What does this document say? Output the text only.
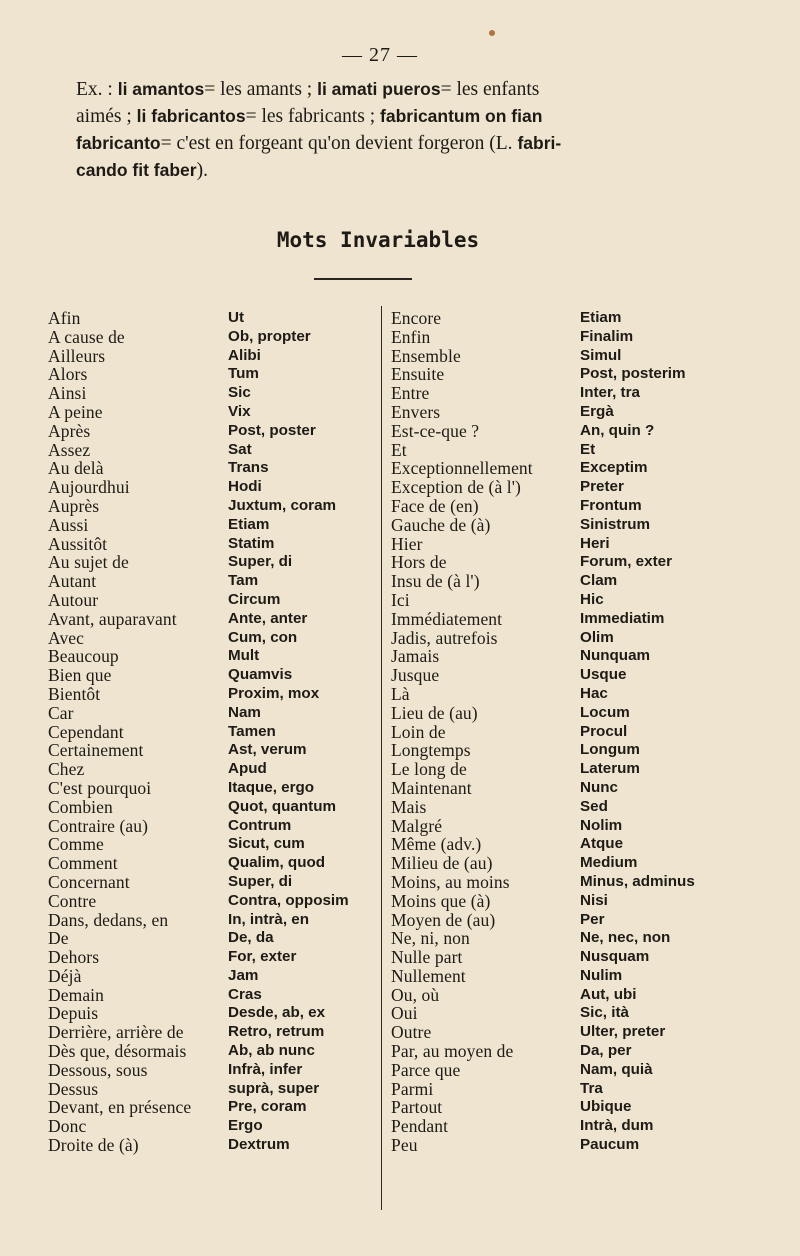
— 27 —
Ex. : li amantos= les amants ; li amati pueros= les enfants
aimés ; li fabricantos= les fabricants ; fabricantum on fian
fabricanto= c'est en forgeant qu'on devient forgeron (L. fabri-
cando fit faber).
Mots Invariables
Afin
A cause de
Ailleurs
Alors
Ainsi
A peine
Après
Assez
Au delà
Aujourdhui
Auprès
Aussi
Aussitôt
Au sujet de
Autant
Autour
Avant, auparavant
Avec
Beaucoup
Bien que
Bientôt
Car
Cependant
Certainement
Chez
C'est pourquoi
Combien
Contraire (au)
Comme
Comment
Concernant
Contre
Dans, dedans, en
De
Dehors
Déjà
Demain
Depuis
Derrière, arrière de
Dès que, désormais
Dessous, sous
Dessus
Devant, en présence
Donc
Droite de (à)
Ut
Ob, propter
Alibi
Tum
Sic
Vix
Post, poster
Sat
Trans
Hodi
Juxtum, coram
Etiam
Statim
Super, di
Tam
Circum
Ante, anter
Cum, con
Mult
Quamvis
Proxim, mox
Nam
Tamen
Ast, verum
Apud
Itaque, ergo
Quot, quantum
Contrum
Sicut, cum
Qualim, quod
Super, di
Contra, opposim
In, intrà, en
De, da
For, exter
Jam
Cras
Desde, ab, ex
Retro, retrum
Ab, ab nunc
Infrà, infer
suprà, super
Pre, coram
Ergo
Dextrum
Encore
Enfin
Ensemble
Ensuite
Entre
Envers
Est-ce-que ?
Et
Exceptionnellement
Exception de (à l')
Face de (en)
Gauche de (à)
Hier
Hors de
Insu de (à l')
Ici
Immédiatement
Jadis, autrefois
Jamais
Jusque
Là
Lieu de (au)
Loin de
Longtemps
Le long de
Maintenant
Mais
Malgré
Même (adv.)
Milieu de (au)
Moins, au moins
Moins que (à)
Moyen de (au)
Ne, ni, non
Nulle part
Nullement
Ou, où
Oui
Outre
Par, au moyen de
Parce que
Parmi
Partout
Pendant
Peu
Etiam
Finalim
Simul
Post, posterim
Inter, tra
Ergà
An, quin ?
Et
Exceptim
Preter
Frontum
Sinistrum
Heri
Forum, exter
Clam
Hic
Immediatim
Olim
Nunquam
Usque
Hac
Locum
Procul
Longum
Laterum
Nunc
Sed
Nolim
Atque
Medium
Minus, adminus
Nisi
Per
Ne, nec, non
Nusquam
Nulim
Aut, ubi
Sic, ità
Ulter, preter
Da, per
Nam, quià
Tra
Ubique
Intrà, dum
Paucum
